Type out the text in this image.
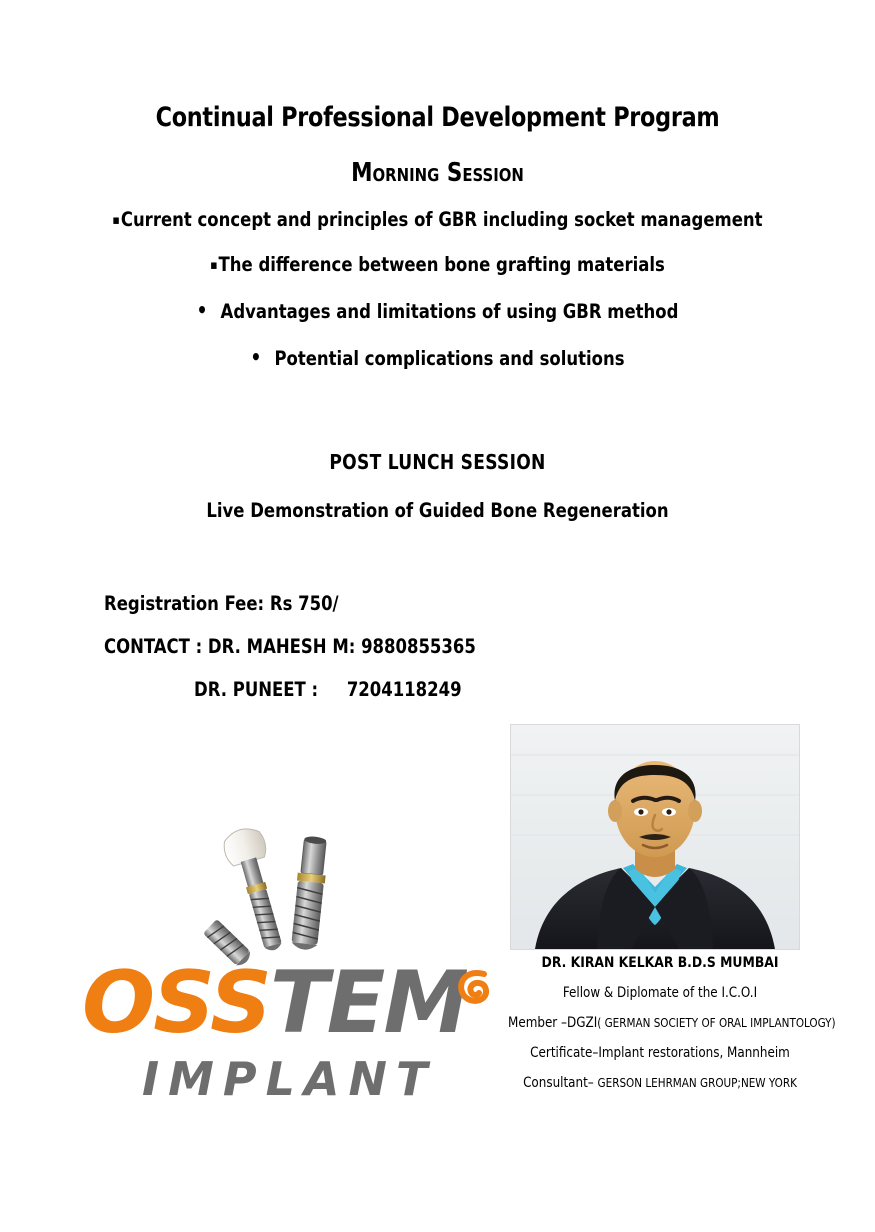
Continual Professional Development Program
Morning Session
▪Current concept and principles of GBR including socket management
▪The difference between bone grafting materials
• Advantages and limitations of using GBR method
• Potential complications and solutions
POST LUNCH SESSION
Live Demonstration of Guided Bone Regeneration
Registration Fee: Rs 750/
CONTACT : DR. MAHESH M: 9880855365
DR. PUNEET :     7204118249
OSSTEM
IMPLANT
DR. KIRAN KELKAR B.D.S MUMBAI
Fellow & Diplomate of the I.C.O.I
Member –DGZI( GERMAN SOCIETY OF ORAL IMPLANTOLOGY)
Certificate–Implant restorations, Mannheim
Consultant– GERSON LEHRMAN GROUP;NEW YORK
